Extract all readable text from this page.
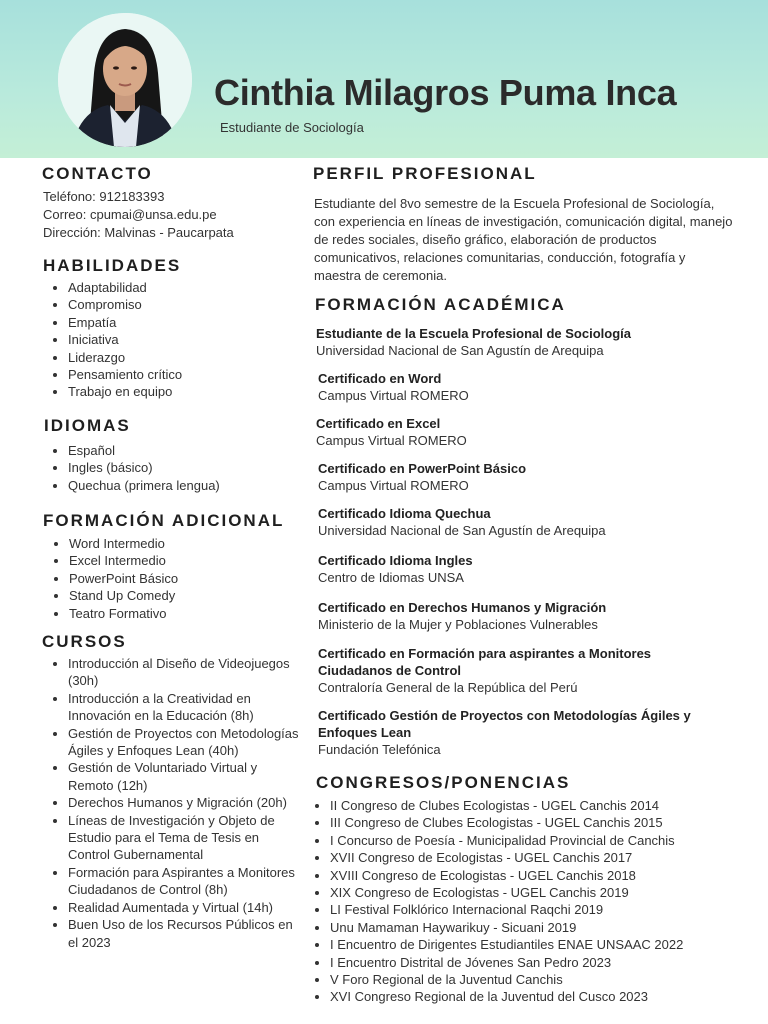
Cinthia Milagros Puma Inca
Estudiante de Sociología
CONTACTO
Teléfono: 912183393
Correo: cpumai@unsa.edu.pe
Dirección: Malvinas - Paucarpata
HABILIDADES
• Adaptabilidad
• Compromiso
• Empatía
• Iniciativa
• Liderazgo
• Pensamiento crítico
• Trabajo en equipo
IDIOMAS
• Español
• Ingles (básico)
• Quechua (primera lengua)
FORMACIÓN ADICIONAL
• Word Intermedio
• Excel Intermedio
• PowerPoint Básico
• Stand Up Comedy
• Teatro Formativo
CURSOS
• Introducción al Diseño de Videojuegos (30h)
• Introducción a la Creatividad en Innovación en la Educación (8h)
• Gestión de Proyectos con Metodologías Ágiles y Enfoques Lean (40h)
• Gestión de Voluntariado Virtual y Remoto (12h)
• Derechos Humanos y Migración (20h)
• Líneas de Investigación y Objeto de Estudio para el Tema de Tesis en Control Gubernamental
• Formación para Aspirantes a Monitores Ciudadanos de Control (8h)
• Realidad Aumentada y Virtual (14h)
• Buen Uso de los Recursos Públicos en el 2023
PERFIL PROFESIONAL
Estudiante del 8vo semestre de la Escuela Profesional de Sociología, con experiencia en líneas de investigación, comunicación digital, manejo de redes sociales, diseño gráfico, elaboración de productos comunicativos, relaciones comunitarias, conducción, fotografía y maestra de ceremonia.
FORMACIÓN ACADÉMICA
Estudiante de la Escuela Profesional de Sociología
Universidad Nacional de San Agustín de Arequipa
Certificado en Word
Campus Virtual ROMERO
Certificado en Excel
Campus Virtual ROMERO
Certificado en PowerPoint Básico
Campus Virtual ROMERO
Certificado Idioma Quechua
Universidad Nacional de San Agustín de Arequipa
Certificado Idioma Ingles
Centro de Idiomas UNSA
Certificado en Derechos Humanos y Migración
Ministerio de la Mujer y Poblaciones Vulnerables
Certificado en Formación para aspirantes a Monitores Ciudadanos de Control
Contraloría General de la República del Perú
Certificado Gestión de Proyectos con Metodologías Ágiles y Enfoques Lean
Fundación Telefónica
CONGRESOS/PONENCIAS
• II Congreso de Clubes Ecologistas - UGEL Canchis 2014
• III Congreso de Clubes Ecologistas - UGEL Canchis 2015
• I Concurso de Poesía - Municipalidad Provincial de Canchis
• XVII Congreso de Ecologistas - UGEL Canchis 2017
• XVIII Congreso de Ecologistas - UGEL Canchis 2018
• XIX Congreso de Ecologistas - UGEL Canchis 2019
• LI Festival Folklórico Internacional Raqchi 2019
• Unu Mamaman Haywarikuy - Sicuani 2019
• I Encuentro de Dirigentes Estudiantiles ENAE UNSAAC 2022
• I Encuentro Distrital de Jóvenes San Pedro 2023
• V Foro Regional de la Juventud Canchis
• XVI Congreso Regional de la Juventud del Cusco 2023
